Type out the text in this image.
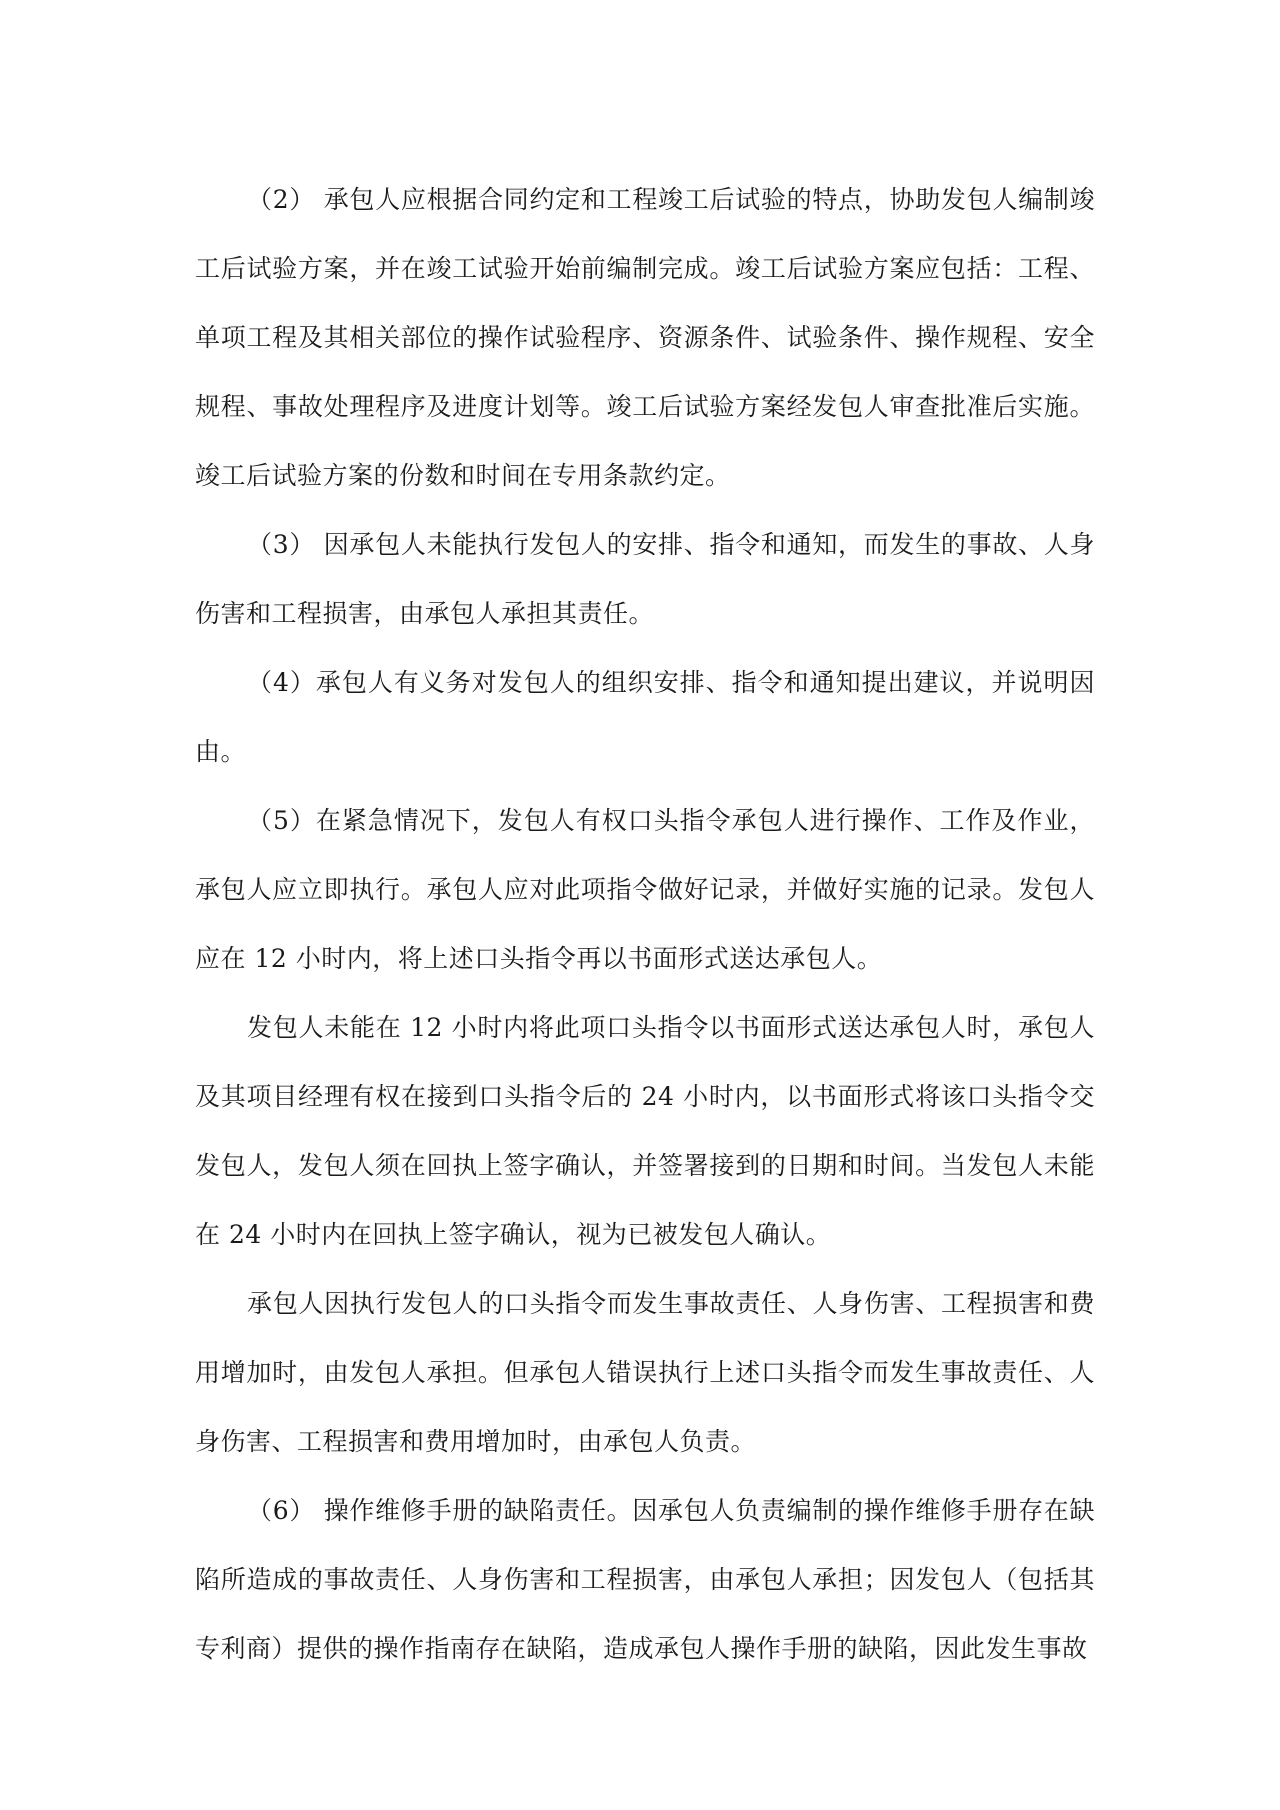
（2） 承包人应根据合同约定和工程竣工后试验的特点，协助发包人编制竣工后试验方案，并在竣工试验开始前编制完成。竣工后试验方案应包括：工程、单项工程及其相关部位的操作试验程序、资源条件、试验条件、操作规程、安全规程、事故处理程序及进度计划等。竣工后试验方案经发包人审查批准后实施。竣工后试验方案的份数和时间在专用条款约定。

（3） 因承包人未能执行发包人的安排、指令和通知，而发生的事故、人身伤害和工程损害，由承包人承担其责任。

（4）承包人有义务对发包人的组织安排、指令和通知提出建议，并说明因由。

（5）在紧急情况下，发包人有权口头指令承包人进行操作、工作及作业，承包人应立即执行。承包人应对此项指令做好记录，并做好实施的记录。发包人应在 12 小时内，将上述口头指令再以书面形式送达承包人。

发包人未能在 12 小时内将此项口头指令以书面形式送达承包人时，承包人及其项目经理有权在接到口头指令后的 24 小时内，以书面形式将该口头指令交发包人，发包人须在回执上签字确认，并签署接到的日期和时间。当发包人未能在 24 小时内在回执上签字确认，视为已被发包人确认。

承包人因执行发包人的口头指令而发生事故责任、人身伤害、工程损害和费用增加时，由发包人承担。但承包人错误执行上述口头指令而发生事故责任、人身伤害、工程损害和费用增加时，由承包人负责。

（6） 操作维修手册的缺陷责任。因承包人负责编制的操作维修手册存在缺陷所造成的事故责任、人身伤害和工程损害，由承包人承担；因发包人（包括其专利商）提供的操作指南存在缺陷，造成承包人操作手册的缺陷，因此发生事故
